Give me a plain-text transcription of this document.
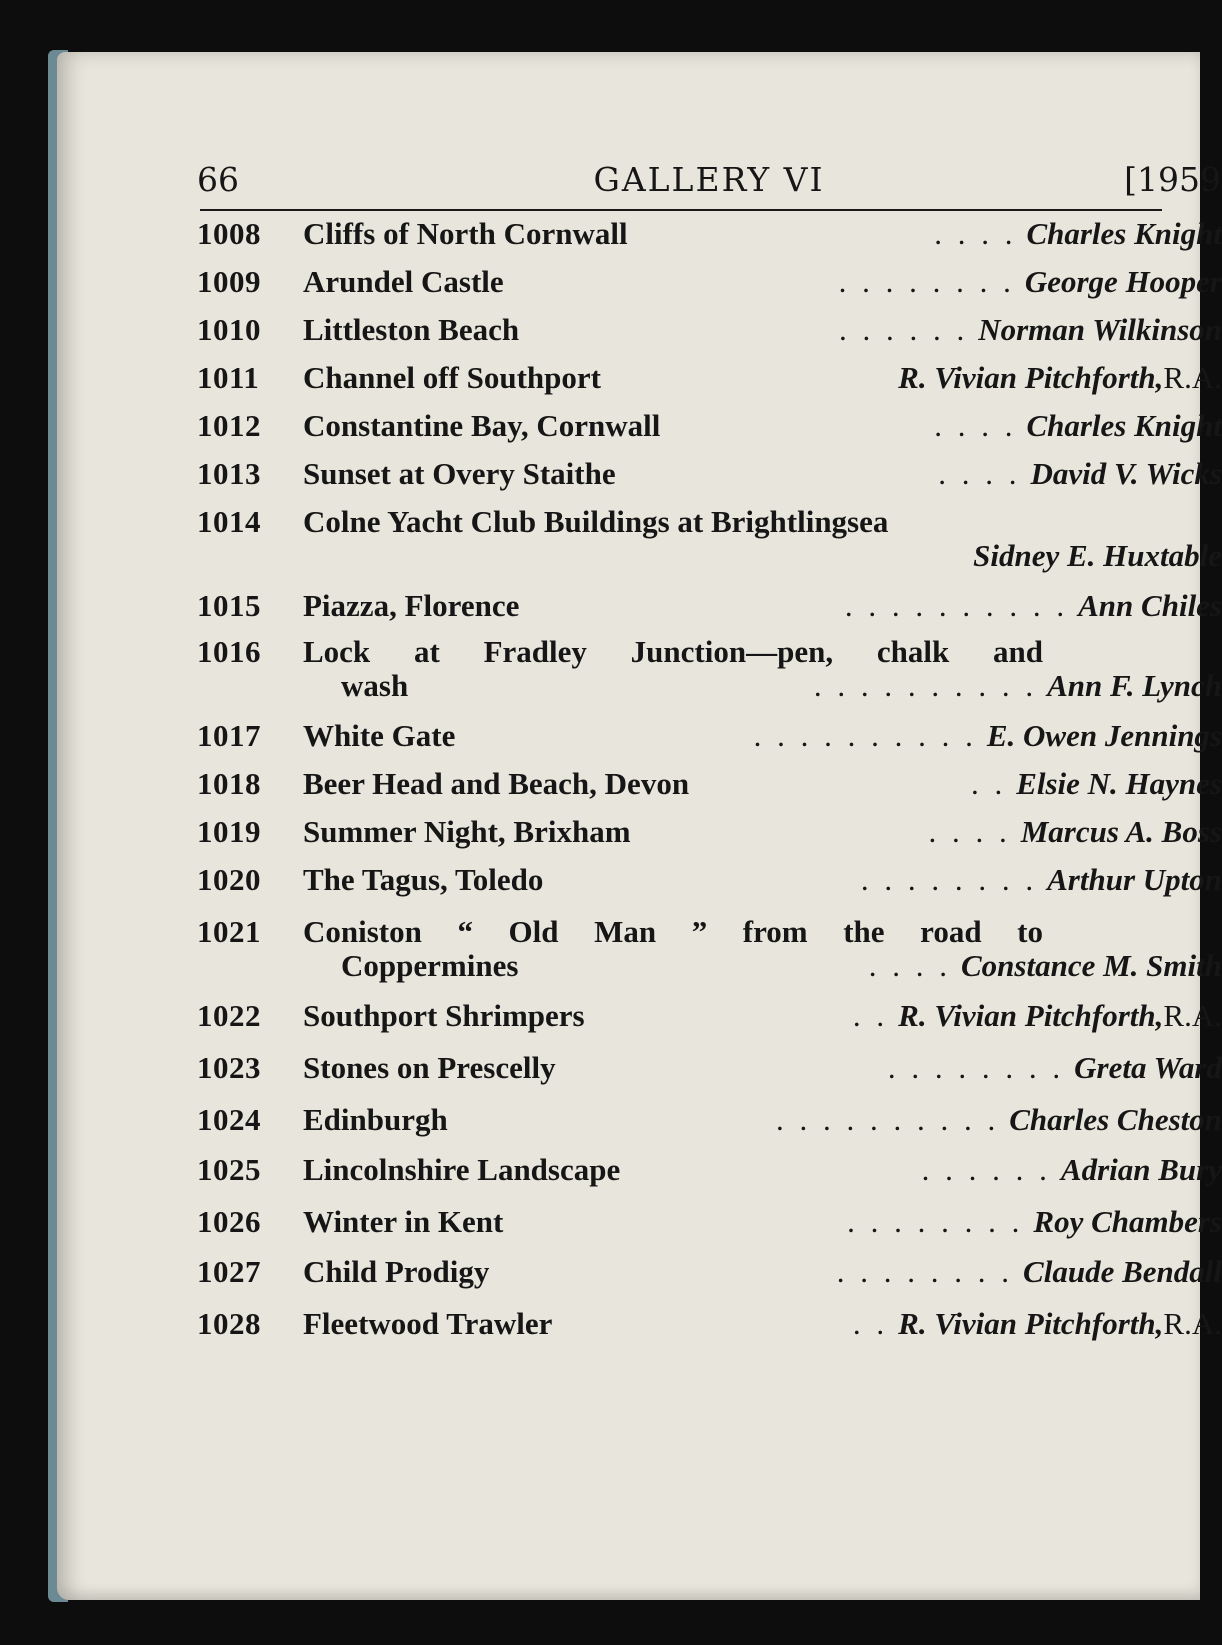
66	GALLERY VI	[1959
1008	Cliffs of North Cornwall	. . . . Charles Knight
1009	Arundel Castle	. . . . . . . . George Hooper
1010	Littleston Beach	. . . . . . Norman Wilkinson
1011	Channel off Southport	R. Vivian Pitchforth, R.A.
1012	Constantine Bay, Cornwall	. . . . Charles Knight
1013	Sunset at Overy Staithe	. . . . David V. Wicks
1014	Colne Yacht Club Buildings at Brightlingsea
Sidney E. Huxtable
1015	Piazza, Florence	. . . . . . . . . . Ann Chiles
1016	Lock at Fradley Junction—pen, chalk and
wash	. . . . . . . . . . Ann F. Lynch
1017	White Gate	. . . . . . . . . . E. Owen Jennings
1018	Beer Head and Beach, Devon	. . Elsie N. Haynes
1019	Summer Night, Brixham	. . . . Marcus A. Boss
1020	The Tagus, Toledo	. . . . . . . . Arthur Upton
1021	Coniston “ Old Man ” from the road to
Coppermines	. . . . Constance M. Smith
1022	Southport Shrimpers	. . R. Vivian Pitchforth, R.A.
1023	Stones on Prescelly	. . . . . . . . Greta Ward
1024	Edinburgh	. . . . . . . . . . Charles Cheston
1025	Lincolnshire Landscape	. . . . . . Adrian Bury
1026	Winter in Kent	. . . . . . . . Roy Chambers
1027	Child Prodigy	. . . . . . . . Claude Bendall
1028	Fleetwood Trawler	. . R. Vivian Pitchforth, R.A.
